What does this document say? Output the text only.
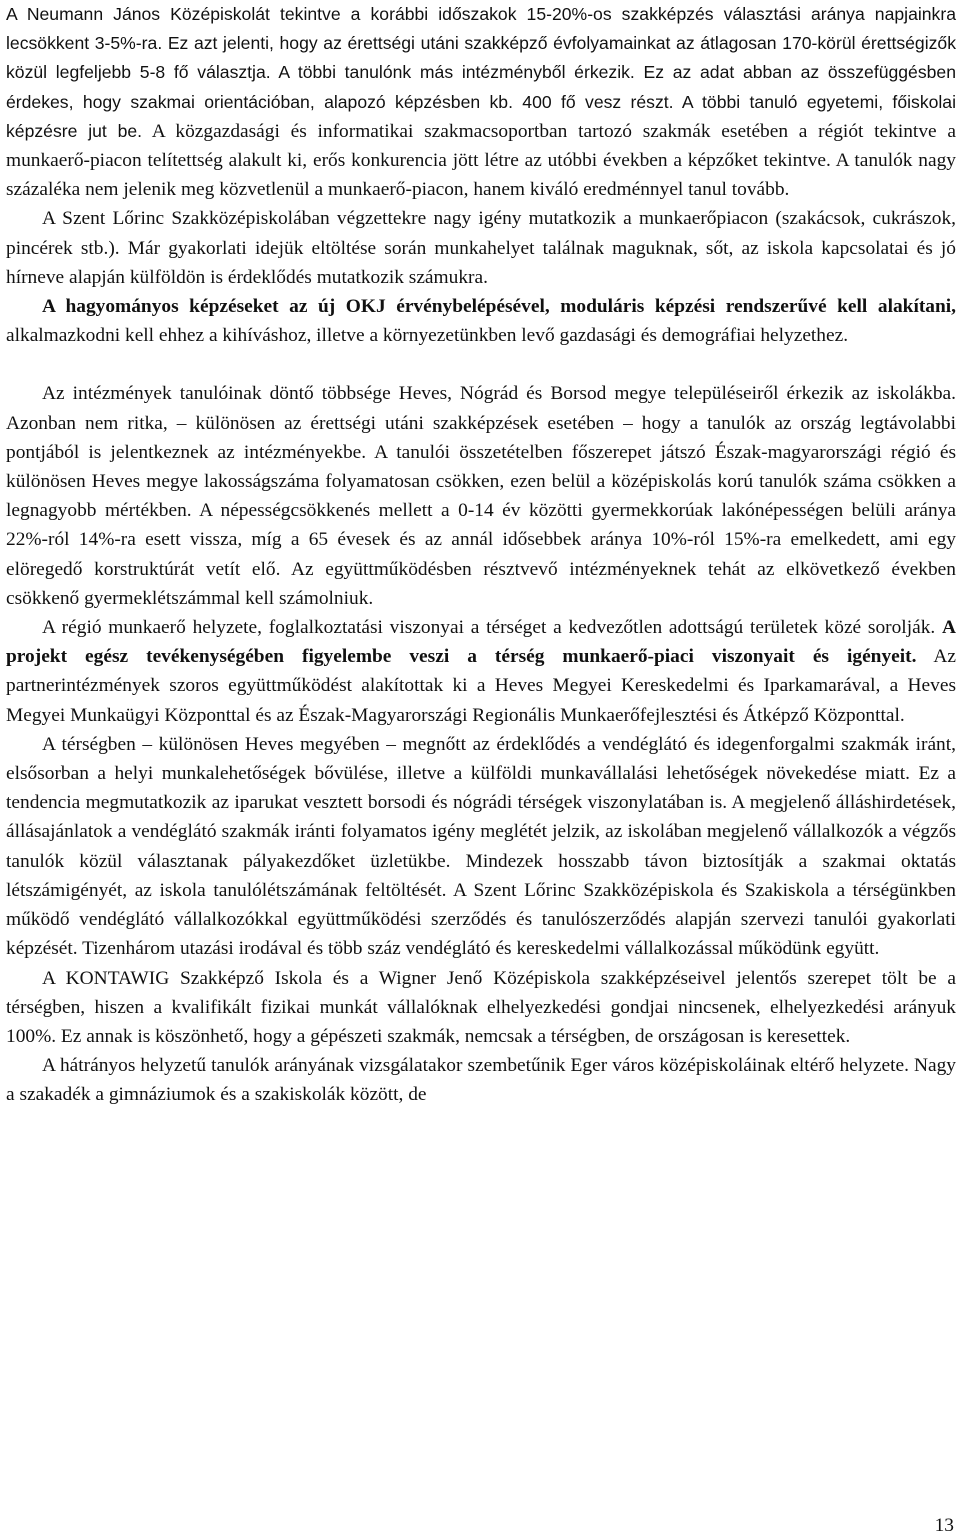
A Neumann János Középiskolát tekintve a korábbi időszakok 15-20%-os szakképzés választási aránya napjainkra lecsökkent 3-5%-ra. Ez azt jelenti, hogy az érettségi utáni szakképző évfolyamainkat az átlagosan 170-körül érettségizők közül legfeljebb 5-8 fő választja. A többi tanulónk más intézményből érkezik. Ez az adat abban az összefüggésben érdekes, hogy szakmai orientációban, alapozó képzésben kb. 400 fő vesz részt. A többi tanuló egyetemi, főiskolai képzésre jut be. A közgazdasági és informatikai szakmacsoportban tartozó szakmák esetében a régiót tekintve a munkaerő-piacon telítettség alakult ki, erős konkurencia jött létre az utóbbi években a képzőket tekintve. A tanulók nagy százaléka nem jelenik meg közvetlenül a munkaerő-piacon, hanem kiváló eredménnyel tanul tovább.

A Szent Lőrinc Szakközépiskolában végzettekre nagy igény mutatkozik a munkaerőpiacon (szakácsok, cukrászok, pincérek stb.). Már gyakorlati idejük eltöltése során munkahelyet találnak maguknak, sőt, az iskola kapcsolatai és jó hírneve alapján külföldön is érdeklődés mutatkozik számukra.

A hagyományos képzéseket az új OKJ érvénybelépésével, moduláris képzési rendszerűvé kell alakítani, alkalmazkodni kell ehhez a kihíváshoz, illetve a környezetünkben levő gazdasági és demográfiai helyzethez.

Az intézmények tanulóinak döntő többsége Heves, Nógrád és Borsod megye településeiről érkezik az iskolákba. Azonban nem ritka, – különösen az érettségi utáni szakképzések esetében – hogy a tanulók az ország legtávolabbi pontjából is jelentkeznek az intézményekbe. A tanulói összetételben főszerepet játszó Észak-magyarországi régió és különösen Heves megye lakosságszáma folyamatosan csökken, ezen belül a középiskolás korú tanulók száma csökken a legnagyobb mértékben. A népességcsökkenés mellett a 0-14 év közötti gyermekkorúak lakónépességen belüli aránya 22%-ról 14%-ra esett vissza, míg a 65 évesek és az annál idősebbek aránya 10%-ról 15%-ra emelkedett, ami egy elöregedő korstruktúrát vetít elő. Az együttműködésben résztvevő intézményeknek tehát az elkövetkező években csökkenő gyermeklétszámmal kell számolniuk.

A régió munkaerő helyzete, foglalkoztatási viszonyai a térséget a kedvezőtlen adottságú területek közé sorolják. A projekt egész tevékenységében figyelembe veszi a térség munkaerő-piaci viszonyait és igényeit. Az partnerintézmények szoros együttműködést alakítottak ki a Heves Megyei Kereskedelmi és Iparkamarával, a Heves Megyei Munkaügyi Központtal és az Észak-Magyarországi Regionális Munkaerőfejlesztési és Átképző Központtal.

A térségben – különösen Heves megyében – megnőtt az érdeklődés a vendéglátó és idegenforgalmi szakmák iránt, elsősorban a helyi munkalehetőségek bővülése, illetve a külföldi munkavállalási lehetőségek növekedése miatt. Ez a tendencia megmutatkozik az iparukat vesztett borsodi és nógrádi térségek viszonylatában is. A megjelenő álláshirdetések, állásajánlatok a vendéglátó szakmák iránti folyamatos igény meglétét jelzik, az iskolában megjelenő vállalkozók a végzős tanulók közül választanak pályakezdőket üzletükbe. Mindezek hosszabb távon biztosítják a szakmai oktatás létszámigényét, az iskola tanulólétszámának feltöltését. A Szent Lőrinc Szakközépiskola és Szakiskola a térségünkben működő vendéglátó vállalkozókkal együttműködési szerződés és tanulószerződés alapján szervezi tanulói gyakorlati képzését. Tizenhárom utazási irodával és több száz vendéglátó és kereskedelmi vállalkozással működünk együtt.

A KONTAWIG Szakképző Iskola és a Wigner Jenő Középiskola szakképzéseivel jelentős szerepet tölt be a térségben, hiszen a kvalifikált fizikai munkát vállalóknak elhelyezkedési gondjai nincsenek, elhelyezkedési arányuk 100%. Ez annak is köszönhető, hogy a gépészeti szakmák, nemcsak a térségben, de országosan is keresettek.

A hátrányos helyzetű tanulók arányának vizsgálatakor szembetűnik Eger város középiskoláinak eltérő helyzete. Nagy a szakadék a gimnáziumok és a szakiskolák között, de

13
